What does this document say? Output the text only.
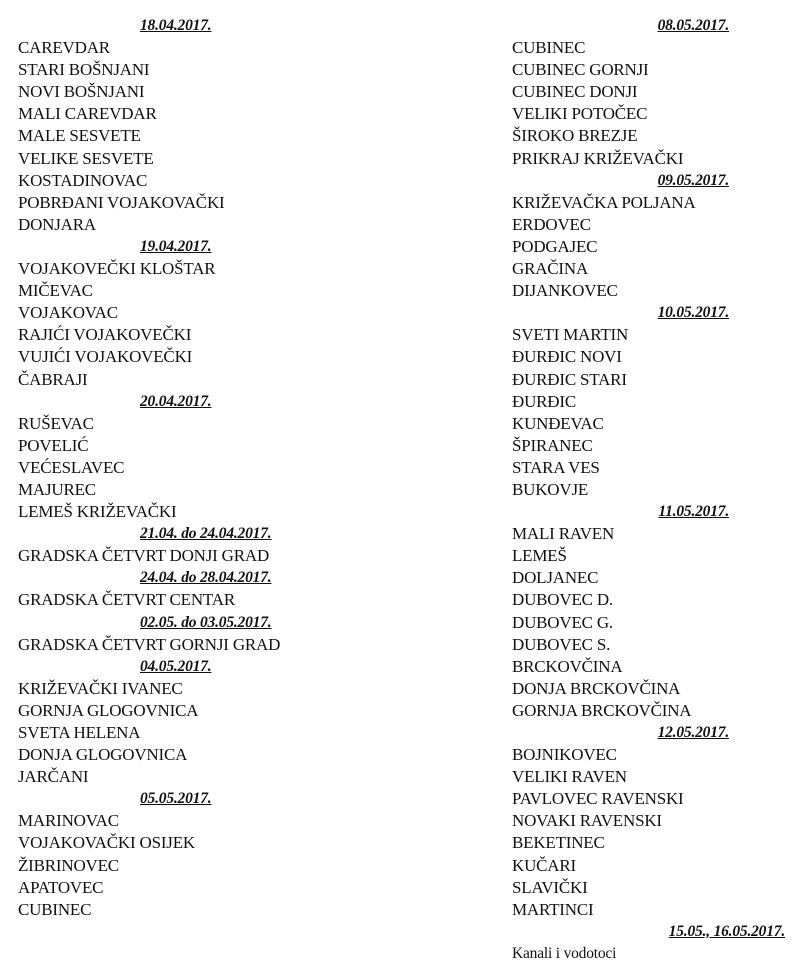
18.04.2017.
CAREVDAR
STARI BOŠNJANI
NOVI BOŠNJANI
MALI CAREVDAR
MALE SESVETE
VELIKE SESVETE
KOSTADINOVAC
POBRĐANI VOJAKOVAČKI
DONJARA
19.04.2017.
VOJAKOVEČKI KLOŠTAR
MIČEVAC
VOJAKOVAC
RAJIĆI VOJAKOVEČKI
VUJIĆI VOJAKOVEČKI
ČABRAJI
20.04.2017.
RUŠEVAC
POVELIĆ
VEĆESLAVEC
MAJUREC
LEMEŠ KRIŽEVAČKI
21.04. do 24.04.2017.
GRADSKA ČETVRT DONJI GRAD
24.04. do 28.04.2017.
GRADSKA ČETVRT CENTAR
02.05. do 03.05.2017.
GRADSKA ČETVRT GORNJI GRAD
04.05.2017.
KRIŽEVAČKI IVANEC
GORNJA GLOGOVNICA
SVETA HELENA
DONJA GLOGOVNICA
JARČANI
05.05.2017.
MARINOVAC
VOJAKOVAČKI OSIJEK
ŽIBRINOVEC
APATOVEC
CUBINEC
08.05.2017.
CUBINEC
CUBINEC GORNJI
CUBINEC DONJI
VELIKI POTOČEC
ŠIROKO BREZJE
PRIKRAJ KRIŽEVAČKI
09.05.2017.
KRIŽEVAČKA POLJANA
ERDOVEC
PODGAJEC
GRAČINA
DIJANKOVEC
10.05.2017.
SVETI MARTIN
ĐURĐIC NOVI
ĐURĐIC STARI
ĐURĐIC
KUNĐEVAC
ŠPIRANEC
STARA VES
BUKOVJE
11.05.2017.
MALI RAVEN
LEMEŠ
DOLJANEC
DUBOVEC D.
DUBOVEC G.
DUBOVEC S.
BRCKOVČINA
DONJA BRCKOVČINA
GORNJA BRCKOVČINA
12.05.2017.
BOJNIKOVEC
VELIKI RAVEN
PAVLOVEC RAVENSKI
NOVAKI RAVENSKI
BEKETINEC
KUČARI
SLAVIČKI
MARTINCI
15.05., 16.05.2017.
Kanali i vodotoci
